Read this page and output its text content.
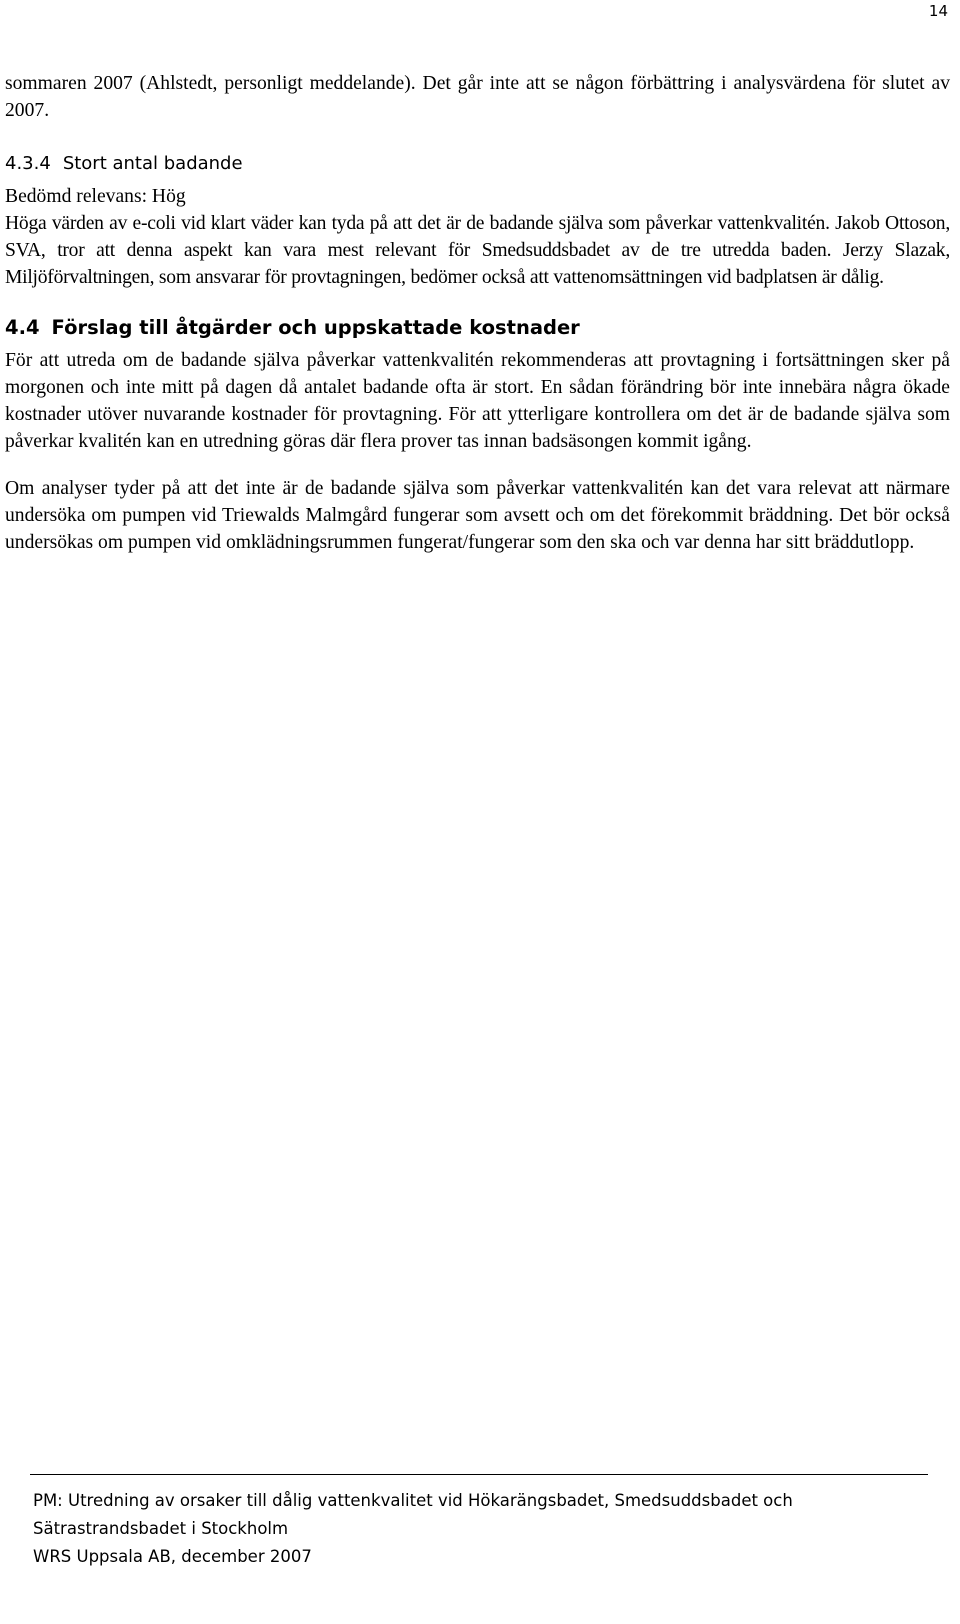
14

sommaren 2007 (Ahlstedt, personligt meddelande). Det går inte att se någon förbättring i analysvärdena för slutet av 2007.

4.3.4 Stort antal badande

Bedömd relevans: Hög

Höga värden av e-coli vid klart väder kan tyda på att det är de badande själva som påverkar vattenkvalitén. Jakob Ottoson, SVA, tror att denna aspekt kan vara mest relevant för Smedsuddsbadet av de tre utredda baden. Jerzy Slazak, Miljöförvaltningen, som ansvarar för provtagningen, bedömer också att vattenomsättningen vid badplatsen är dålig.

4.4 Förslag till åtgärder och uppskattade kostnader

För att utreda om de badande själva påverkar vattenkvalitén rekommenderas att provtagning i fortsättningen sker på morgonen och inte mitt på dagen då antalet badande ofta är stort. En sådan förändring bör inte innebära några ökade kostnader utöver nuvarande kostnader för provtagning. För att ytterligare kontrollera om det är de badande själva som påverkar kvalitén kan en utredning göras där flera prover tas innan badsäsongen kommit igång.

Om analyser tyder på att det inte är de badande själva som påverkar vattenkvalitén kan det vara relevat att närmare undersöka om pumpen vid Triewalds Malmgård fungerar som avsett och om det förekommit bräddning. Det bör också undersökas om pumpen vid omklädningsrummen fungerat/fungerar som den ska och var denna har sitt bräddutlopp.

PM: Utredning av orsaker till dålig vattenkvalitet vid Hökarängsbadet, Smedsuddsbadet och
Sätrastrandsbadet i Stockholm
WRS Uppsala AB, december 2007
